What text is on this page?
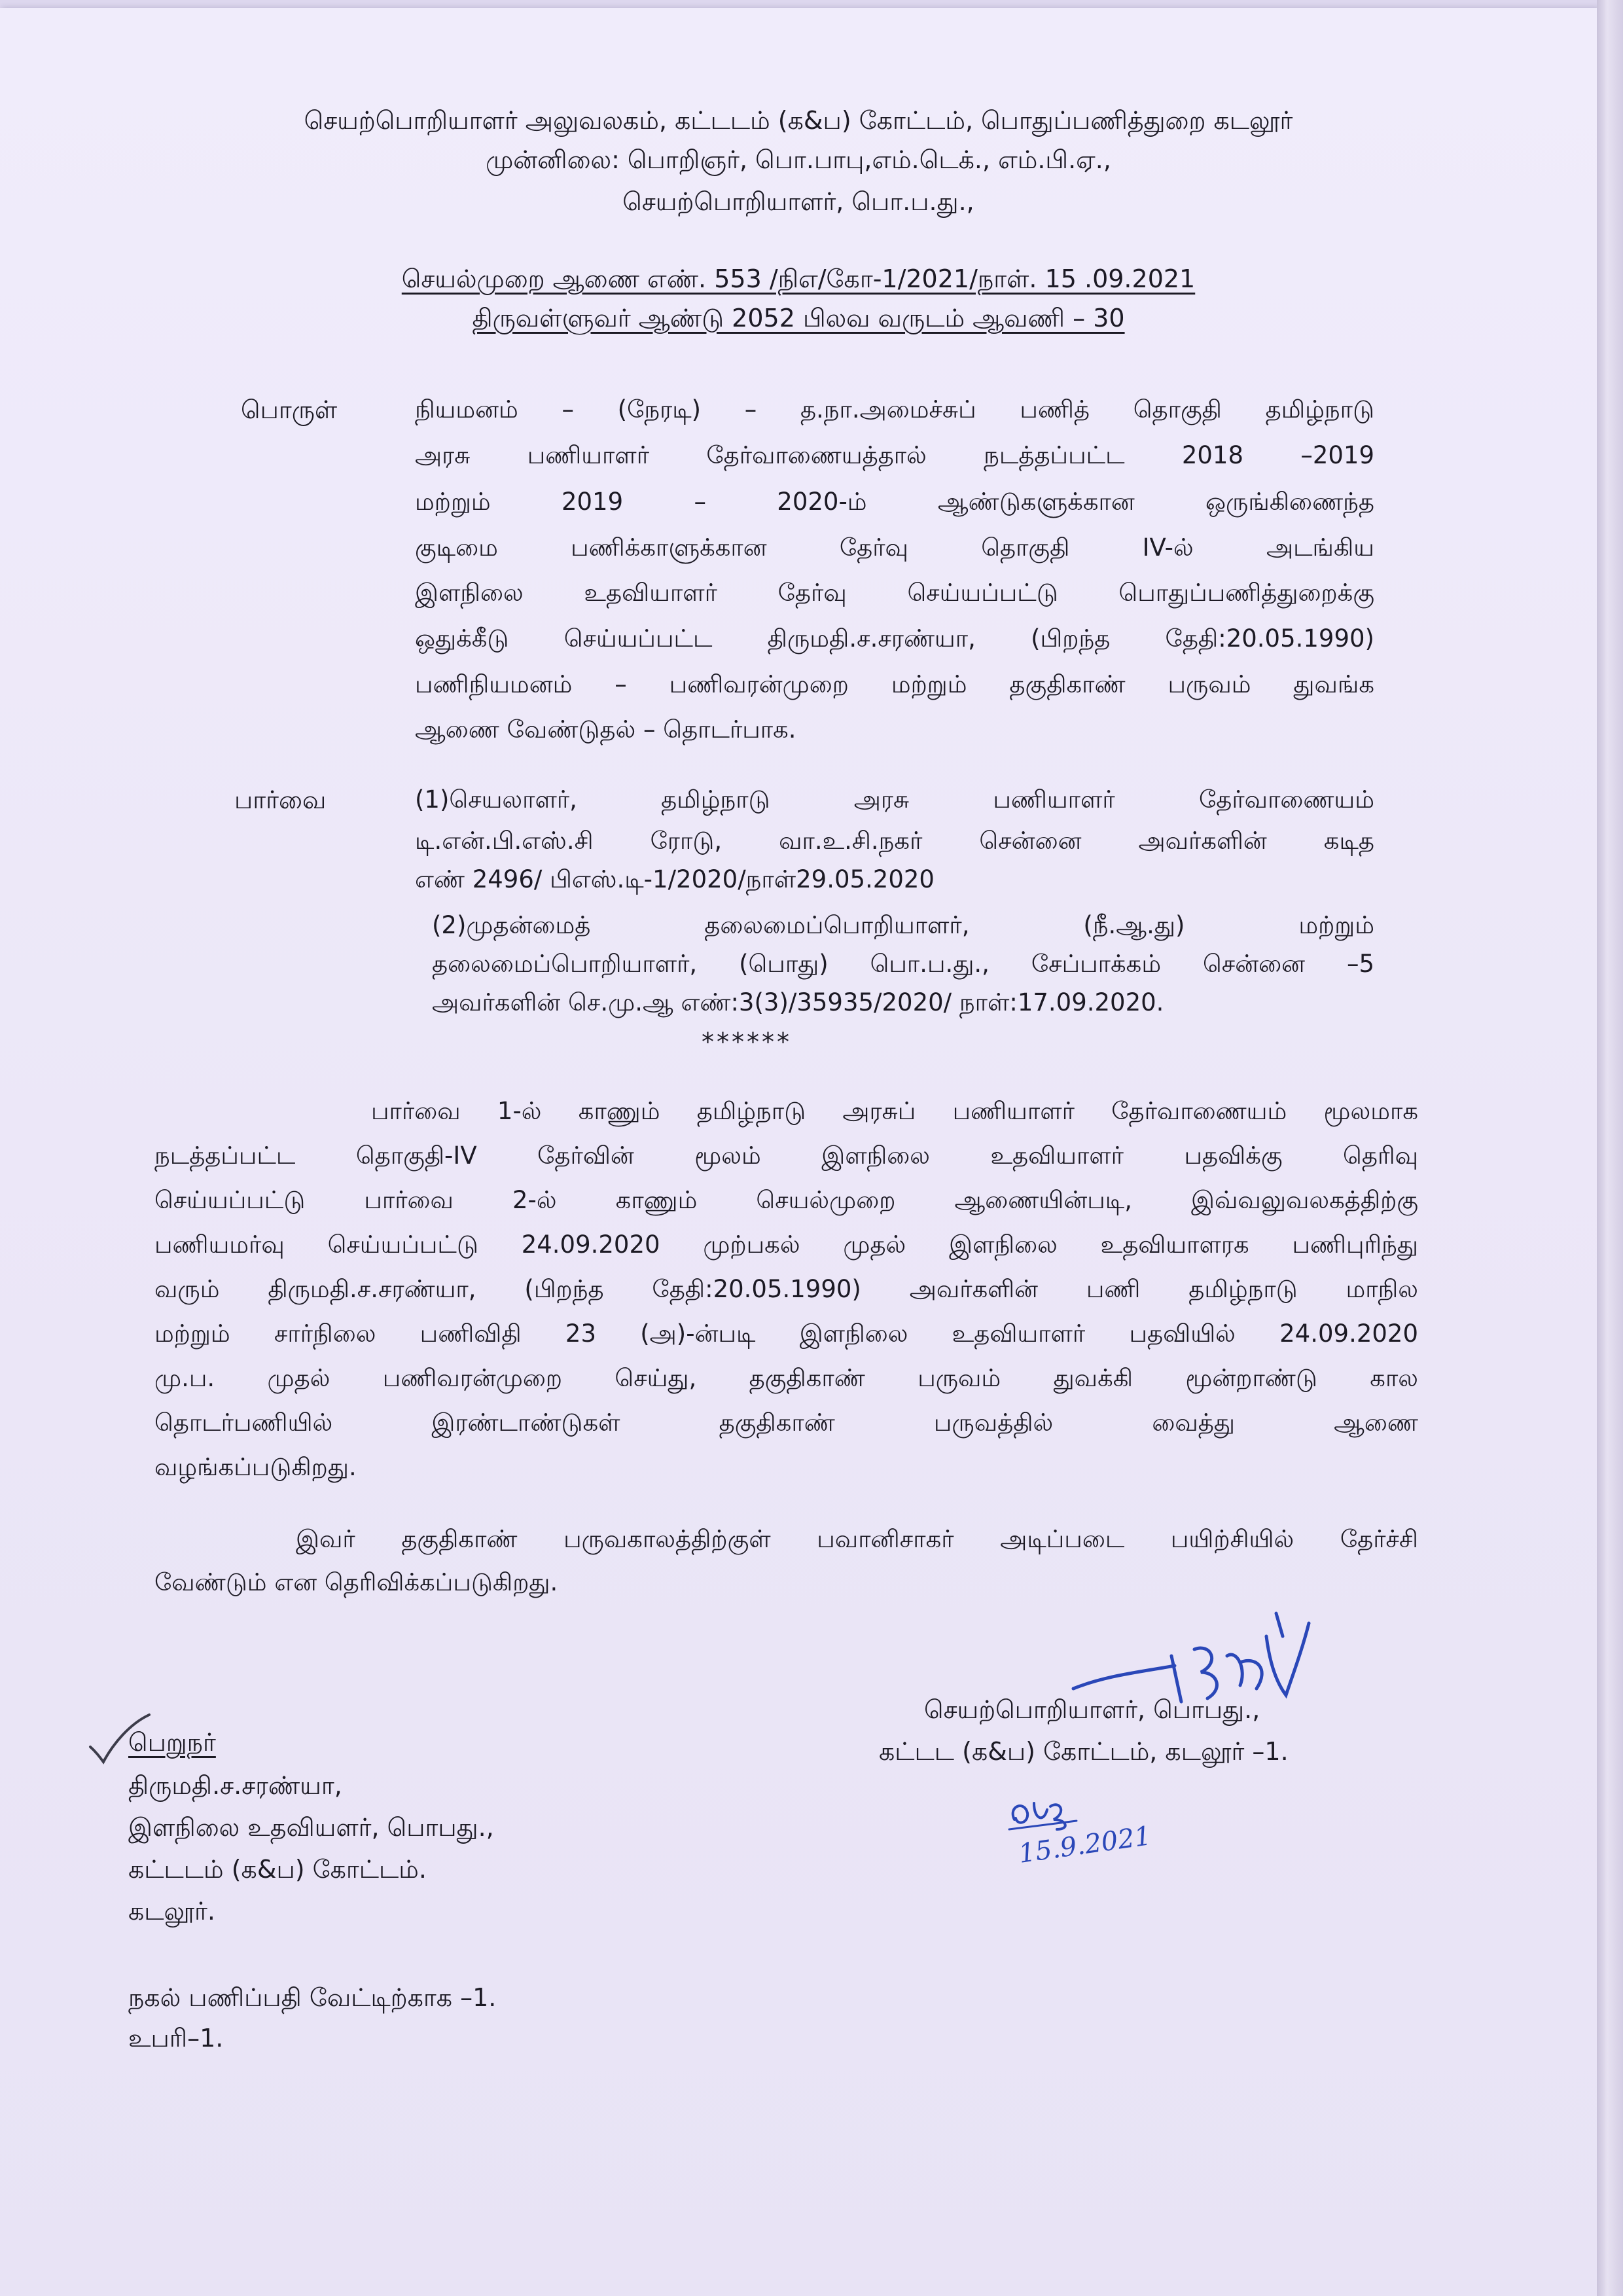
செயற்பொறியாளர் அலுவலகம், கட்டடம் (க&ப) கோட்டம், பொதுப்பணித்துறை கடலூர்
முன்னிலை: பொறிஞர், பொ.பாபு,எம்.டெக்., எம்.பி.ஏ.,
செயற்பொறியாளர், பொ.ப.து.,
செயல்முறை ஆணை எண். 553 /நிஎ/கோ-1/2021/நாள். 15 .09.2021
திருவள்ளுவர் ஆண்டு 2052 பிலவ வருடம் ஆவணி – 30
பொருள்	நியமனம் – (நேரடி) – த.நா.அமைச்சுப் பணித் தொகுதி தமிழ்நாடு
அரசு பணியாளர் தேர்வாணையத்தால் நடத்தப்பட்ட 2018 –2019
மற்றும் 2019 – 2020-ம் ஆண்டுகளுக்கான ஒருங்கிணைந்த
குடிமை பணிக்காளுக்கான தேர்வு தொகுதி IV-ல் அடங்கிய
இளநிலை உதவியாளர் தேர்வு செய்யப்பட்டு பொதுப்பணித்துறைக்கு
ஒதுக்கீடு செய்யப்பட்ட திருமதி.ச.சரண்யா, (பிறந்த தேதி:20.05.1990)
பணிநியமனம் – பணிவரன்முறை மற்றும் தகுதிகாண் பருவம் துவங்க
ஆணை வேண்டுதல் – தொடர்பாக.
பார்வை	(1)செயலாளர், தமிழ்நாடு அரசு பணியாளர் தேர்வாணையம்
டி.என்.பி.எஸ்.சி ரோடு, வா.உ.சி.நகர் சென்னை அவர்களின் கடித
எண் 2496/ பிஎஸ்.டி-1/2020/நாள்29.05.2020
(2)முதன்மைத் தலைமைப்பொறியாளர், (நீ.ஆ.து) மற்றும்
தலைமைப்பொறியாளர், (பொது) பொ.ப.து., சேப்பாக்கம் சென்னை –5
அவர்களின் செ.மு.ஆ எண்:3(3)/35935/2020/ நாள்:17.09.2020.
******
பார்வை 1-ல் காணும் தமிழ்நாடு அரசுப் பணியாளர் தேர்வாணையம் மூலமாக
நடத்தப்பட்ட தொகுதி-IV தேர்வின் மூலம் இளநிலை உதவியாளர் பதவிக்கு தெரிவு
செய்யப்பட்டு பார்வை 2-ல் காணும் செயல்முறை ஆணையின்படி, இவ்வலுவலகத்திற்கு
பணியமர்வு செய்யப்பட்டு 24.09.2020 முற்பகல் முதல் இளநிலை உதவியாளரக பணிபுரிந்து
வரும் திருமதி.ச.சரண்யா, (பிறந்த தேதி:20.05.1990) அவர்களின் பணி தமிழ்நாடு மாநில
மற்றும் சார்நிலை பணிவிதி 23 (அ)-ன்படி இளநிலை உதவியாளர் பதவியில் 24.09.2020
மு.ப. முதல் பணிவரன்முறை செய்து, தகுதிகாண் பருவம் துவக்கி மூன்றாண்டு கால
தொடர்பணியில் இரண்டாண்டுகள் தகுதிகாண் பருவத்தில் வைத்து ஆணை
வழங்கப்படுகிறது.
இவர் தகுதிகாண் பருவகாலத்திற்குள் பவானிசாகர் அடிப்படை பயிற்சியில் தேர்ச்சி
வேண்டும் என தெரிவிக்கப்படுகிறது.
செயற்பொறியாளர், பொபது.,
கட்டட (க&ப) கோட்டம், கடலூர் –1.
15.9.2021
பெறுநர்
திருமதி.ச.சரண்யா,
இளநிலை உதவியளர், பொபது.,
கட்டடம் (க&ப) கோட்டம்.
கடலூர்.
நகல் பணிப்பதி வேட்டிற்காக –1.
உபரி–1.
